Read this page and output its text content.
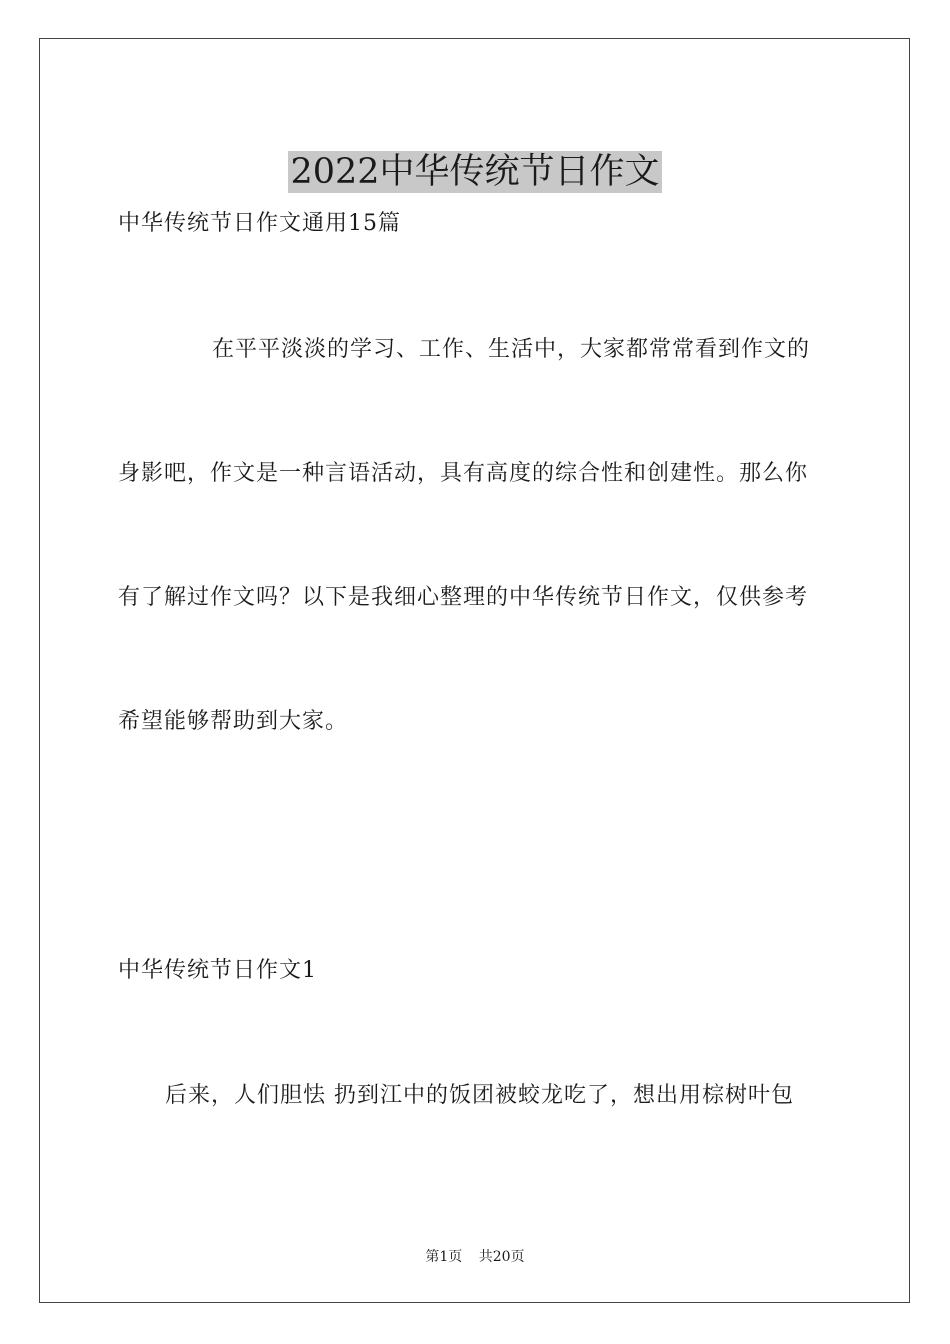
2022中华传统节日作文
中华传统节日作文通用15篇
在平平淡淡的学习、工作、生活中，大家都常常看到作文的
身影吧，作文是一种言语活动，具有高度的综合性和创建性。那么你
有了解过作文吗？以下是我细心整理的中华传统节日作文，仅供参考
希望能够帮助到大家。
中华传统节日作文1
后来，人们胆怯 扔到江中的饭团被蛟龙吃了，想出用棕树叶包
第1页 共20页
